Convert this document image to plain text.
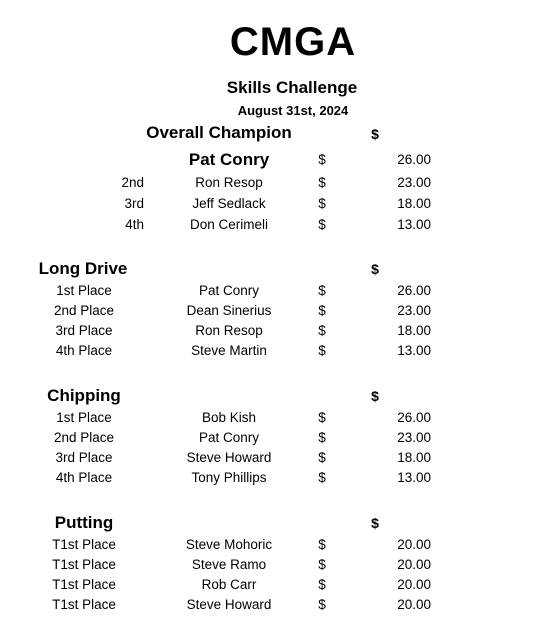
CMGA
Skills Challenge
August 31st, 2024
Overall Champion	$
Pat Conry	$	26.00
2nd	Ron Resop	$	23.00
3rd	Jeff Sedlack	$	18.00
4th	Don Cerimeli	$	13.00
Long Drive	$
1st Place	Pat Conry	$	26.00
2nd Place	Dean Sinerius	$	23.00
3rd Place	Ron Resop	$	18.00
4th Place	Steve Martin	$	13.00
Chipping	$
1st Place	Bob Kish	$	26.00
2nd Place	Pat Conry	$	23.00
3rd Place	Steve Howard	$	18.00
4th Place	Tony Phillips	$	13.00
Putting	$
T1st Place	Steve Mohoric	$	20.00
T1st Place	Steve Ramo	$	20.00
T1st Place	Rob Carr	$	20.00
T1st Place	Steve Howard	$	20.00
